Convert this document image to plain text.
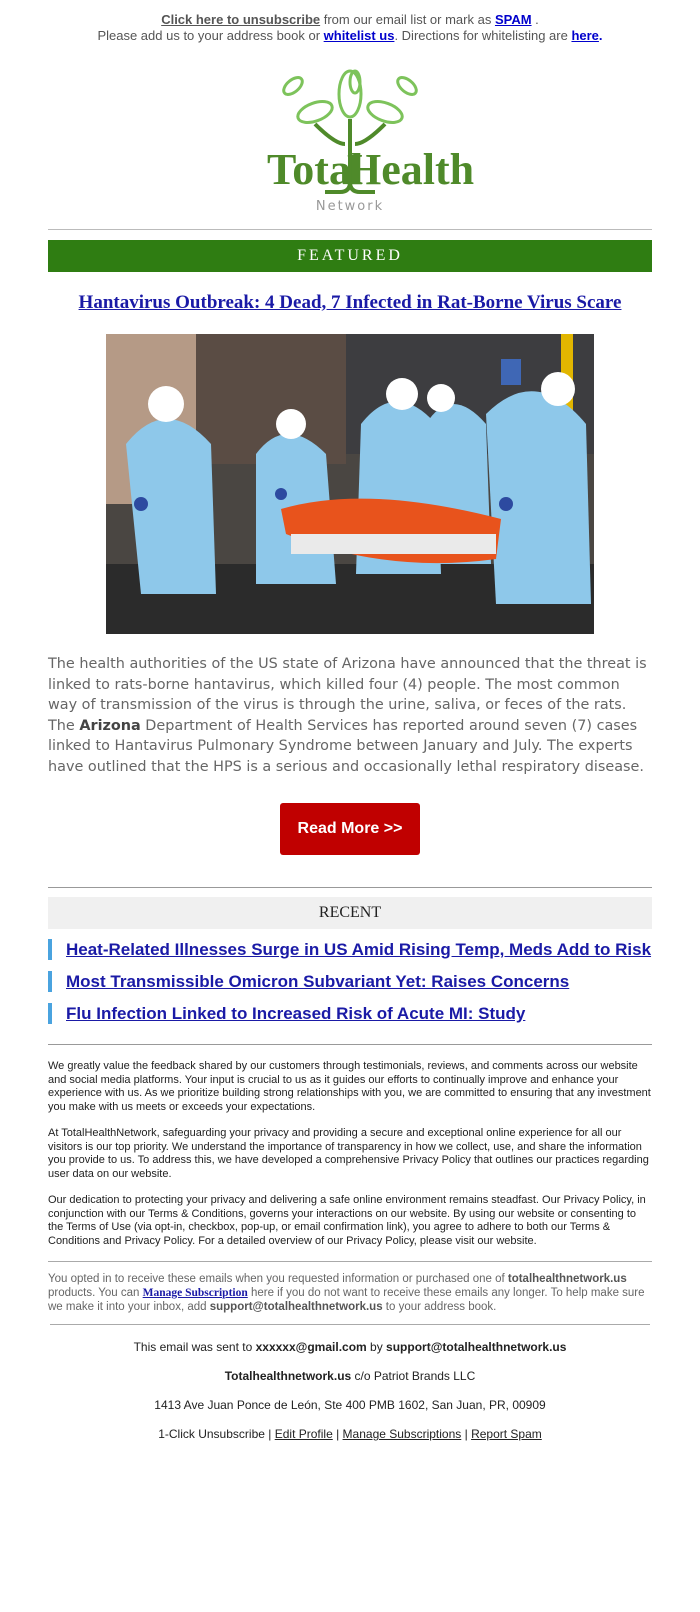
Click here to unsubscribe from our email list or mark as SPAM .
Please add us to your address book or whitelist us. Directions for whitelisting are here.
Total
Health
Network
FEATURED
Hantavirus Outbreak: 4 Dead, 7 Infected in Rat-Borne Virus Scare
The health authorities of the US state of Arizona have announced that the threat is linked to rats-borne hantavirus, which killed four (4) people. The most common way of transmission of the virus is through the urine, saliva, or feces of the rats. The Arizona Department of Health Services has reported around seven (7) cases linked to Hantavirus Pulmonary Syndrome between January and July. The experts have outlined that the HPS is a serious and occasionally lethal respiratory disease.
Read More >>
RECENT
Heat-Related Illnesses Surge in US Amid Rising Temp, Meds Add to Risk
Most Transmissible Omicron Subvariant Yet: Raises Concerns
Flu Infection Linked to Increased Risk of Acute MI: Study

We greatly value the feedback shared by our customers through testimonials, reviews, and comments across our website and social media platforms. Your input is crucial to us as it guides our efforts to continually improve and enhance your experience with us. As we prioritize building strong relationships with you, we are committed to ensuring that any investment you make with us meets or exceeds your expectations.

At TotalHealthNetwork, safeguarding your privacy and providing a secure and exceptional online experience for all our visitors is our top priority. We understand the importance of transparency in how we collect, use, and share the information you provide to us. To address this, we have developed a comprehensive Privacy Policy that outlines our practices regarding user data on our website.

Our dedication to protecting your privacy and delivering a safe online environment remains steadfast. Our Privacy Policy, in conjunction with our Terms & Conditions, governs your interactions on our website. By using our website or consenting to the Terms of Use (via opt-in, checkbox, pop-up, or email confirmation link), you agree to adhere to both our Terms & Conditions and Privacy Policy. For a detailed overview of our Privacy Policy, please visit our website.

You opted in to receive these emails when you requested information or purchased one of totalhealthnetwork.us products. You can Manage Subscription here if you do not want to receive these emails any longer. To help make sure we make it into your inbox, add support@totalhealthnetwork.us to your address book.
This email was sent to xxxxxx@gmail.com by support@totalhealthnetwork.us
Totalhealthnetwork.us c/o Patriot Brands LLC
1413 Ave Juan Ponce de León, Ste 400 PMB 1602, San Juan, PR, 00909
1-Click Unsubscribe | Edit Profile | Manage Subscriptions | Report Spam
